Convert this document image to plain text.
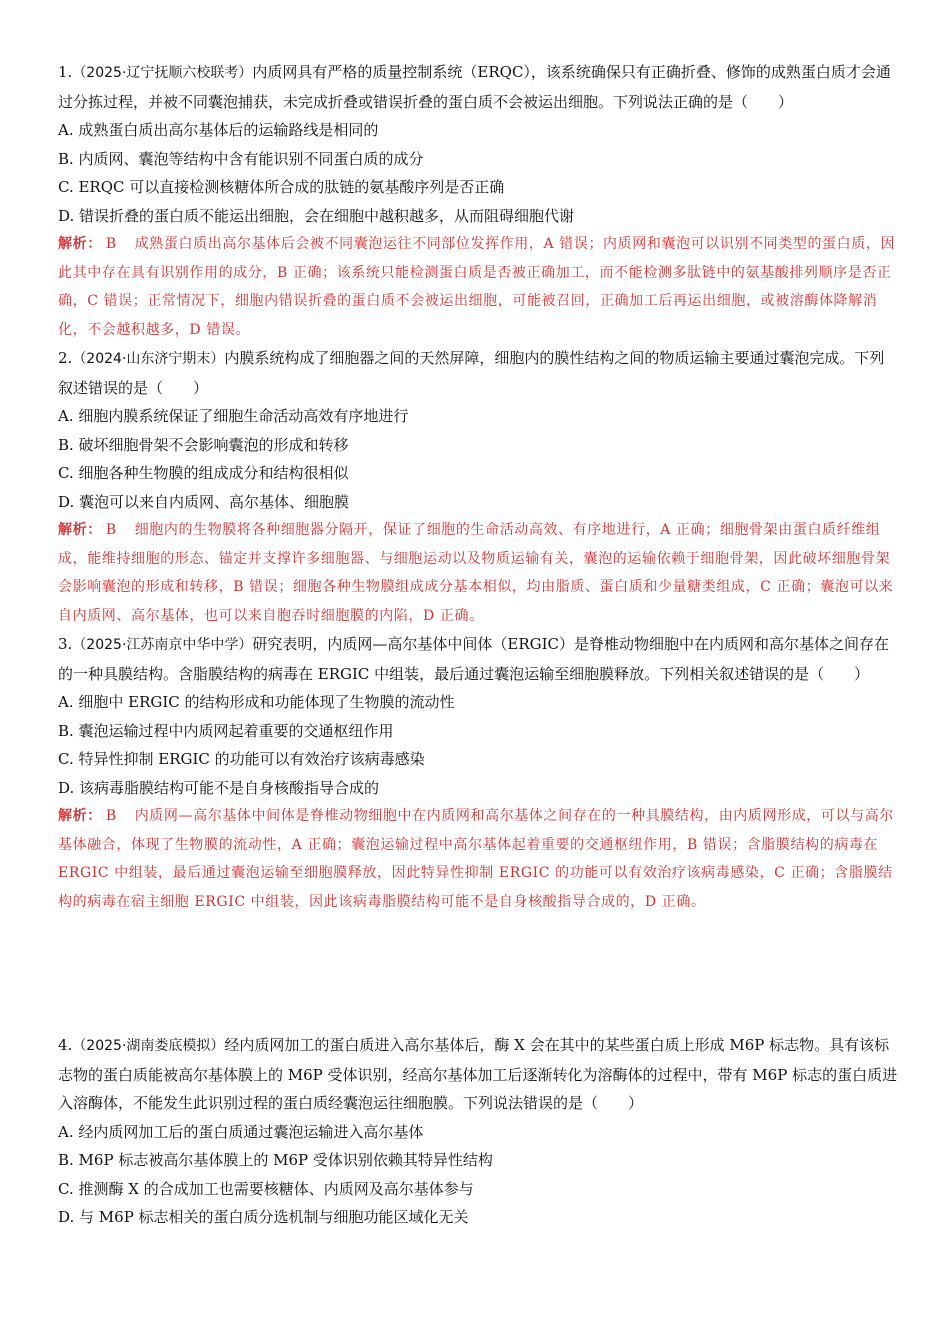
1.（2025·辽宁抚顺六校联考）内质网具有严格的质量控制系统（ERQC），该系统确保只有正确折叠、修饰的成熟蛋白质才会通过分拣过程，并被不同囊泡捕获，未完成折叠或错误折叠的蛋白质不会被运出细胞。下列说法正确的是（　　）

A. 成熟蛋白质出高尔基体后的运输路线是相同的

B. 内质网、囊泡等结构中含有能识别不同蛋白质的成分

C. ERQC 可以直接检测核糖体所合成的肽链的氨基酸序列是否正确

D. 错误折叠的蛋白质不能运出细胞，会在细胞中越积越多，从而阻碍细胞代谢

解析： B 成熟蛋白质出高尔基体后会被不同囊泡运往不同部位发挥作用，A 错误；内质网和囊泡可以识别不同类型的蛋白质，因此其中存在具有识别作用的成分，B 正确；该系统只能检测蛋白质是否被正确加工，而不能检测多肽链中的氨基酸排列顺序是否正确，C 错误；正常情况下，细胞内错误折叠的蛋白质不会被运出细胞，可能被召回，正确加工后再运出细胞，或被溶酶体降解消化，不会越积越多，D 错误。

2.（2024·山东济宁期末）内膜系统构成了细胞器之间的天然屏障，细胞内的膜性结构之间的物质运输主要通过囊泡完成。下列叙述错误的是（　　）

A. 细胞内膜系统保证了细胞生命活动高效有序地进行

B. 破坏细胞骨架不会影响囊泡的形成和转移

C. 细胞各种生物膜的组成成分和结构很相似

D. 囊泡可以来自内质网、高尔基体、细胞膜

解析： B 细胞内的生物膜将各种细胞器分隔开，保证了细胞的生命活动高效、有序地进行，A 正确；细胞骨架由蛋白质纤维组成，能维持细胞的形态、锚定并支撑许多细胞器、与细胞运动以及物质运输有关，囊泡的运输依赖于细胞骨架，因此破坏细胞骨架会影响囊泡的形成和转移，B 错误；细胞各种生物膜组成成分基本相似，均由脂质、蛋白质和少量糖类组成，C 正确；囊泡可以来自内质网、高尔基体，也可以来自胞吞时细胞膜的内陷，D 正确。

3.（2025·江苏南京中华中学）研究表明，内质网—高尔基体中间体（ERGIC）是脊椎动物细胞中在内质网和高尔基体之间存在的一种具膜结构。含脂膜结构的病毒在 ERGIC 中组装，最后通过囊泡运输至细胞膜释放。下列相关叙述错误的是（　　）

A. 细胞中 ERGIC 的结构形成和功能体现了生物膜的流动性

B. 囊泡运输过程中内质网起着重要的交通枢纽作用

C. 特异性抑制 ERGIC 的功能可以有效治疗该病毒感染

D. 该病毒脂膜结构可能不是自身核酸指导合成的

解析： B 内质网—高尔基体中间体是脊椎动物细胞中在内质网和高尔基体之间存在的一种具膜结构，由内质网形成，可以与高尔基体融合，体现了生物膜的流动性，A 正确；囊泡运输过程中高尔基体起着重要的交通枢纽作用，B 错误；含脂膜结构的病毒在 ERGIC 中组装，最后通过囊泡运输至细胞膜释放，因此特异性抑制 ERGIC 的功能可以有效治疗该病毒感染，C 正确；含脂膜结构的病毒在宿主细胞 ERGIC 中组装，因此该病毒脂膜结构可能不是自身核酸指导合成的，D 正确。

4.（2025·湖南娄底模拟）经内质网加工的蛋白质进入高尔基体后，酶 X 会在其中的某些蛋白质上形成 M6P 标志物。具有该标志物的蛋白质能被高尔基体膜上的 M6P 受体识别，经高尔基体加工后逐渐转化为溶酶体的过程中，带有 M6P 标志的蛋白质进入溶酶体，不能发生此识别过程的蛋白质经囊泡运往细胞膜。下列说法错误的是（　　）

A. 经内质网加工后的蛋白质通过囊泡运输进入高尔基体

B. M6P 标志被高尔基体膜上的 M6P 受体识别依赖其特异性结构

C. 推测酶 X 的合成加工也需要核糖体、内质网及高尔基体参与

D. 与 M6P 标志相关的蛋白质分选机制与细胞功能区域化无关
